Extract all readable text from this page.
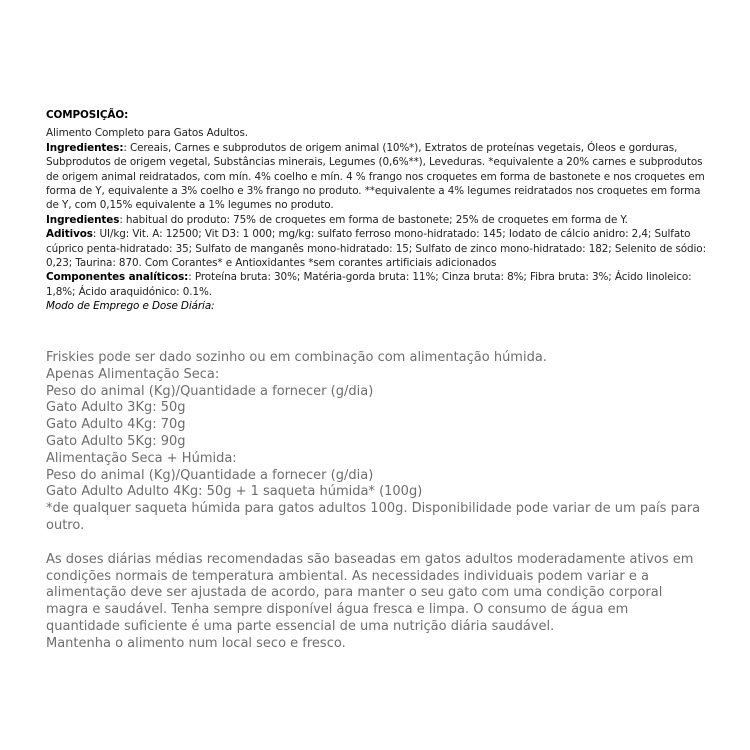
COMPOSIÇÃO:

Alimento Completo para Gatos Adultos.

Ingredientes:: Cereais, Carnes e subprodutos de origem animal (10%*), Extratos de proteínas vegetais, Óleos e gorduras, Subprodutos de origem vegetal, Substâncias minerais, Legumes (0,6%**), Leveduras. *equivalente a 20% carnes e subprodutos de origem animal reidratados, com mín. 4% coelho e mín. 4 % frango nos croquetes em forma de bastonete e nos croquetes em forma de Y, equivalente a 3% coelho e 3% frango no produto. **equivalente a 4% legumes reidratados nos croquetes em forma de Y, com 0,15% equivalente a 1% legumes no produto.

Ingredientes: habitual do produto: 75% de croquetes em forma de bastonete; 25% de croquetes em forma de Y.

Aditivos: UI/kg: Vit. A: 12500; Vit D3: 1 000; mg/kg: sulfato ferroso mono-hidratado: 145; Iodato de cálcio anidro: 2,4; Sulfato cúprico penta-hidratado: 35; Sulfato de manganês mono-hidratado: 15; Sulfato de zinco mono-hidratado: 182; Selenito de sódio: 0,23; Taurina: 870. Com Corantes* e Antioxidantes *sem corantes artificiais adicionados

Componentes analíticos:: Proteína bruta: 30%; Matéria-gorda bruta: 11%; Cinza bruta: 8%; Fibra bruta: 3%; Ácido linoleico: 1,8%; Ácido araquidónico: 0.1%.

Modo de Emprego e Dose Diária:

Friskies pode ser dado sozinho ou em combinação com alimentação húmida.

Apenas Alimentação Seca:

Peso do animal (Kg)/Quantidade a fornecer (g/dia)

Gato Adulto 3Kg: 50g

Gato Adulto 4Kg: 70g

Gato Adulto 5Kg: 90g

Alimentação Seca + Húmida:

Peso do animal (Kg)/Quantidade a fornecer (g/dia)

Gato Adulto Adulto 4Kg: 50g + 1 saqueta húmida* (100g)

*de qualquer saqueta húmida para gatos adultos 100g. Disponibilidade pode variar de um país para outro.

As doses diárias médias recomendadas são baseadas em gatos adultos moderadamente ativos em condições normais de temperatura ambiental. As necessidades individuais podem variar e a alimentação deve ser ajustada de acordo, para manter o seu gato com uma condição corporal magra e saudável. Tenha sempre disponível água fresca e limpa. O consumo de água em quantidade suficiente é uma parte essencial de uma nutrição diária saudável.

Mantenha o alimento num local seco e fresco.
